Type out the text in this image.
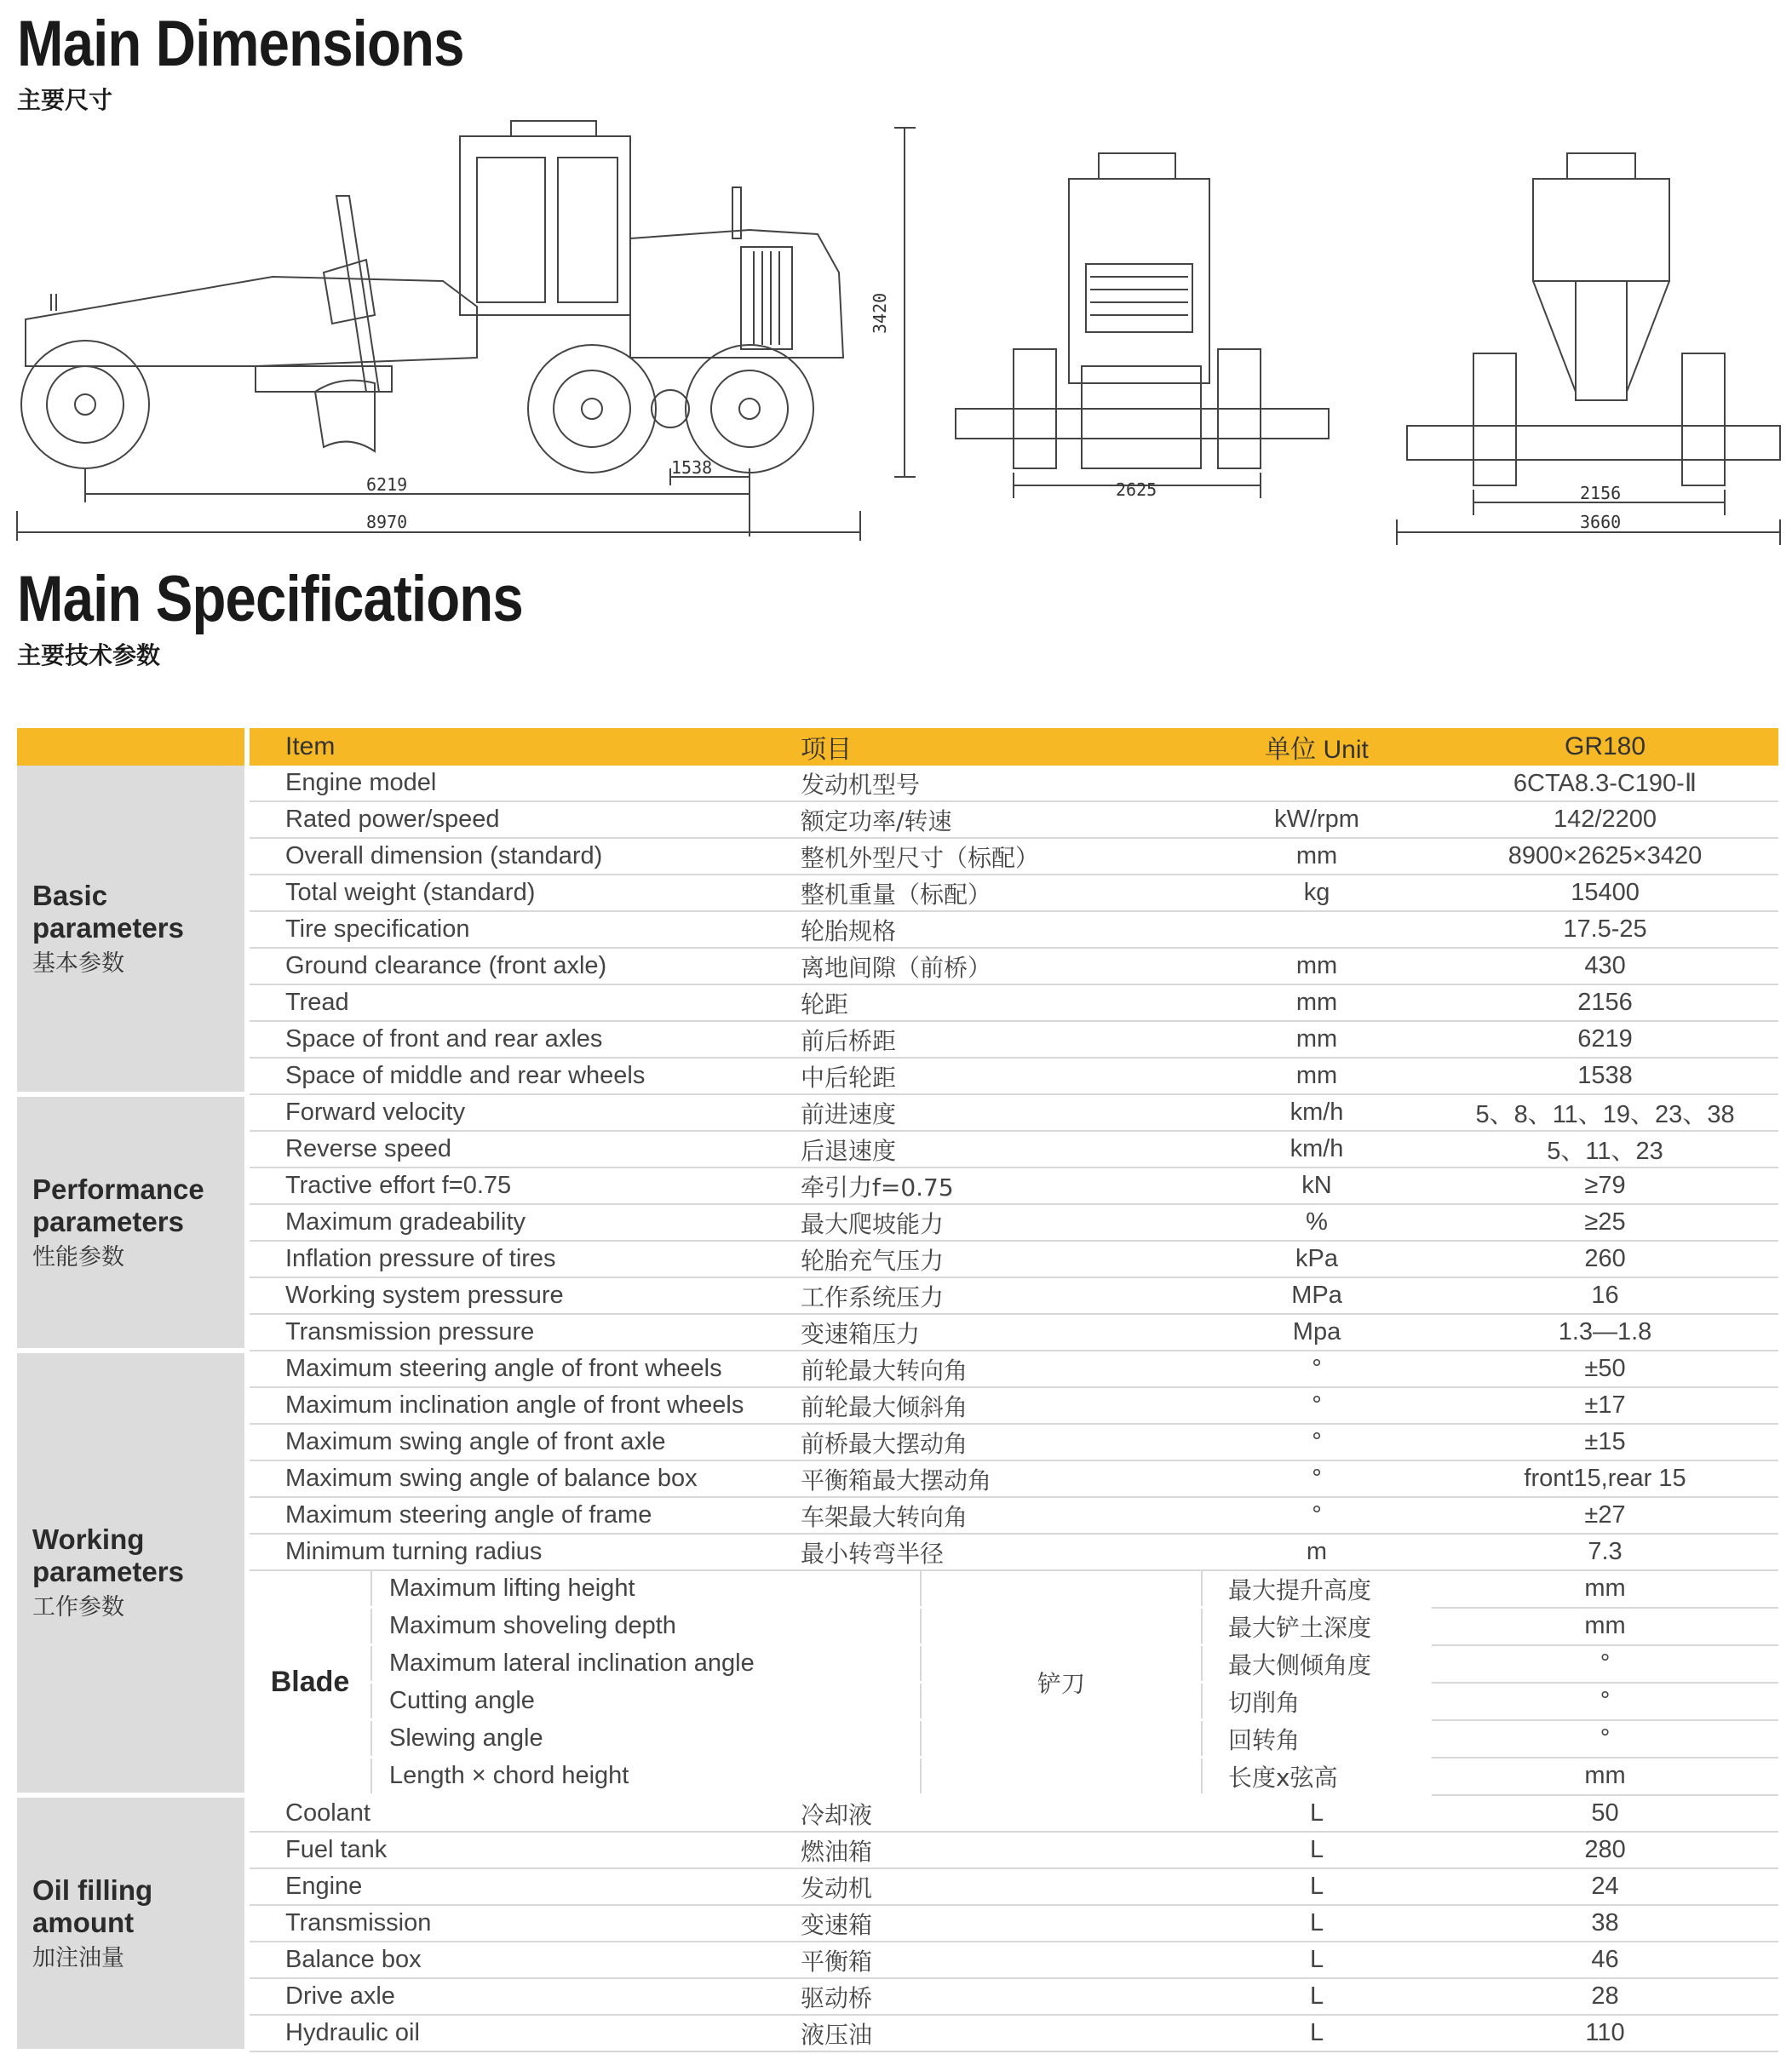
Main Dimensions
主要尺寸
3420
6219
8970
1538
2625	2156
3660
Main Specifications
主要技术参数
	Item		项目		单位 Unit	GR180	

Basic parameters
基本参数	Engine model		发动机型号			6CTA8.3-C190-Ⅱ	
	Rated power/speed		额定功率/转速		kW/rpm	142/2200	
	Overall dimension (standard)		整机外型尺寸（标配）		mm	8900×2625×3420	
	Total weight (standard)		整机重量（标配）		kg	15400	
	Tire specification		轮胎规格			17.5-25	
	Ground clearance (front axle)		离地间隙（前桥）		mm	430	
	Tread		轮距		mm	2156	
	Space of front and rear axles		前后桥距		mm	6219	
	Space of middle and rear wheels		中后轮距		mm	1538	

Performance parameters
性能参数	Forward velocity		前进速度		km/h	5、8、11、19、23、38	
	Reverse speed		后退速度		km/h	5、11、23	
	Tractive effort f=0.75		牵引力f=0.75		kN	≥79	
	Maximum gradeability		最大爬坡能力		%	≥25	
	Inflation pressure of tires		轮胎充气压力		kPa	260	
	Working system pressure		工作系统压力		MPa	16	
	Transmission pressure		变速箱压力		Mpa	1.3—1.8	

Working parameters
工作参数	Maximum steering angle of front wheels		前轮最大转向角		°	±50	
	Maximum inclination angle of front wheels		前轮最大倾斜角		°	±17	
	Maximum swing angle of front axle		前桥最大摆动角		°	±15	
	Maximum swing angle of balance box		平衡箱最大摆动角		°	front15,rear 15	
	Maximum steering angle of frame		车架最大转向角		°	±27	
	Minimum turning radius		最小转弯半径		m	7.3	
	Blade	Maximum lifting height		铲刀	最大提升高度	mm	
		Maximum shoveling depth			最大铲土深度	mm	
		Maximum lateral inclination angle			最大侧倾角度	°	
		Cutting angle			切削角	°	
		Slewing angle			回转角	°	
		Length × chord height			长度x弦高	mm	

Oil filling amount
加注油量	Coolant		冷却液		L	50	
	Fuel tank		燃油箱		L	280	
	Engine		发动机		L	24	
	Transmission		变速箱		L	38	
	Balance box		平衡箱		L	46	
	Drive axle		驱动桥		L	28	
	Hydraulic oil		液压油		L	110	
